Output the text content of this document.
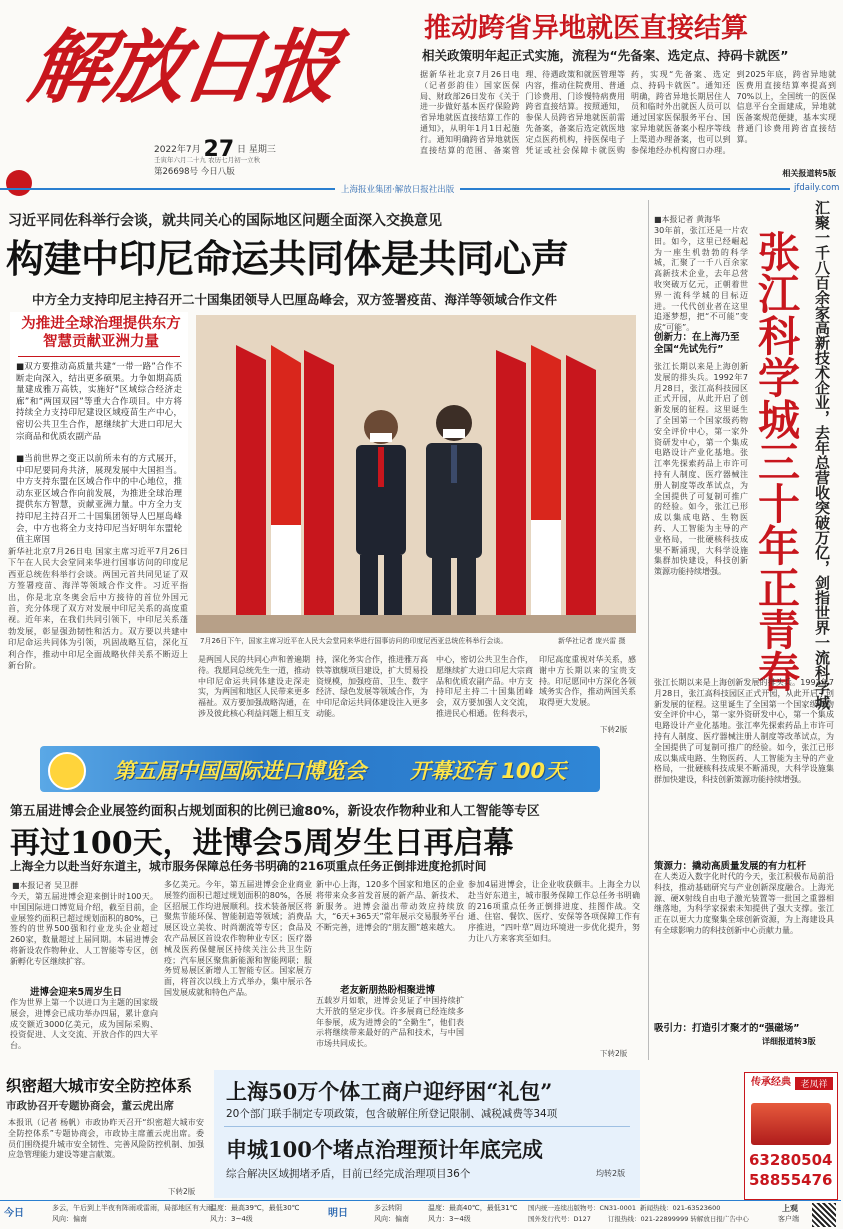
解放日报
2022年7月 27 日 星期三
壬寅年六月二十九 农历七月初一立秋
第26698号 今日八版
推动跨省异地就医直接结算
相关政策明年起正式实施，流程为“先备案、选定点、持码卡就医”
据新华社北京7月26日电（记者彭韵佳）国家医保局、财政部26日发布《关于进一步做好基本医疗保险跨省异地就医直接结算工作的通知》，从明年1月1日起施行。通知明确跨省异地就医直接结算的范围、备案管理、待遇政策和就医管理等内容，推动住院费用、普通门诊费用、门诊慢特病费用跨省直接结算。按照通知，参保人员跨省异地就医前需先备案，备案后选定就医地定点医药机构，持医保电子凭证或社会保障卡就医购药，实现“先备案、选定点、持码卡就医”。通知还明确，跨省异地长期居住人员和临时外出就医人员可以通过国家医保服务平台、国家异地就医备案小程序等线上渠道办理备案，也可以到参保地经办机构窗口办理。到2025年底，跨省异地就医费用直接结算率提高到70%以上，全国统一的医保信息平台全面建成，异地就医备案规范便捷，基本实现普通门诊费用跨省直接结算。
相关报道转5版
上海报业集团·解放日报社出版	jfdaily.com
习近平同佐科举行会谈，就共同关心的国际地区问题全面深入交换意见
构建中印尼命运共同体是共同心声
中方全力支持印尼主持召开二十国集团领导人巴厘岛峰会，双方签署疫苗、海洋等领域合作文件
为推进全球治理提供东方智慧贡献亚洲力量
■双方要推动高质量共建“一带一路”合作不断走向深入，结出更多硕果。力争如期高质量建成雅万高铁，实施好“区域综合经济走廊”和“两国双园”等重大合作项目。中方将持续全力支持印尼建设区域疫苗生产中心，密切公共卫生合作，愿继续扩大进口印尼大宗商品和优质农副产品
■当前世界之变正以前所未有的方式展开，中印尼要同舟共济，展现发展中大国担当。中方支持东盟在区域合作中的中心地位，推动东亚区域合作向前发展，为推进全球治理提供东方智慧，贡献亚洲力量。中方全力支持印尼主持召开二十国集团领导人巴厘岛峰会，中方也将全力支持印尼当好明年东盟轮值主席国
7月26日下午，国家主席习近平在人民大会堂同来华进行国事访问的印度尼西亚总统佐科举行会谈。	新华社记者 庞兴雷 摄
新华社北京7月26日电 国家主席习近平7月26日下午在人民大会堂同来华进行国事访问的印度尼西亚总统佐科举行会谈。两国元首共同见证了双方签署疫苗、海洋等领域合作文件。习近平指出，你是北京冬奥会后中方接待的首位外国元首，充分体现了双方对发展中印尼关系的高度重视。近年来，在我们共同引领下，中印尼关系蓬勃发展，彰显强劲韧性和活力。双方要以共建中印尼命运共同体为引领，巩固战略互信，深化互利合作，推动中印尼全面战略伙伴关系不断迈上新台阶。
是两国人民的共同心声和普遍期待。我愿同总统先生一道，推动中印尼命运共同体建设走深走实，为两国和地区人民带来更多福祉。双方要加强战略沟通，在涉及彼此核心利益问题上相互支持，深化务实合作，推进雅万高铁等旗舰项目建设，扩大贸易投资规模，加强疫苗、卫生、数字经济、绿色发展等领域合作，为中印尼命运共同体建设注入更多动能。
中心，密切公共卫生合作，愿继续扩大进口印尼大宗商品和优质农副产品。中方支持印尼主持二十国集团峰会，双方要加强人文交流，推进民心相通。佐科表示，印尼高度重视对华关系，感谢中方长期以来的宝贵支持。印尼愿同中方深化各领域务实合作，推动两国关系取得更大发展。
下转2版
汇聚一千八百余家高新技术企业，去年总营收突破万亿，剑指世界一流科学城
张江科学城三十年正青春
■本报记者 黄海华
30年前，张江还是一片农田。如今，这里已经崛起为一座生机勃勃的科学城，汇聚了一千八百余家高新技术企业，去年总营收突破万亿元，正朝着世界一流科学城的目标迈进。一代代创业者在这里追逐梦想，把“不可能”变成“可能”。
创新力：在上海乃至全国“先试先行”
张江长期以来是上海创新发展的排头兵。1992年7月28日，张江高科技园区正式开园，从此开启了创新发展的征程。这里诞生了全国第一个国家级药物安全评价中心，第一家外资研发中心，第一个集成电路设计产业化基地。张江率先探索药品上市许可持有人制度、医疗器械注册人制度等改革试点，为全国提供了可复制可推广的经验。如今，张江已形成以集成电路、生物医药、人工智能为主导的产业格局，一批硬核科技成果不断涌现，大科学设施集群加快建设，科技创新策源功能持续增强。
张江长期以来是上海创新发展的排头兵。1992年7月28日，张江高科技园区正式开园，从此开启了创新发展的征程。这里诞生了全国第一个国家级药物安全评价中心，第一家外资研发中心，第一个集成电路设计产业化基地。张江率先探索药品上市许可持有人制度、医疗器械注册人制度等改革试点，为全国提供了可复制可推广的经验。如今，张江已形成以集成电路、生物医药、人工智能为主导的产业格局，一批硬核科技成果不断涌现，大科学设施集群加快建设，科技创新策源功能持续增强。
策源力：撬动高质量发展的有力杠杆
在人类迈入数字化时代的今天，张江积极布局前沿科技，推动基础研究与产业创新深度融合。上海光源、硬X射线自由电子激光装置等一批国之重器相继落地，为科学家探索未知提供了强大支撑。张江正在以更大力度聚集全球创新资源，为上海建设具有全球影响力的科技创新中心贡献力量。
吸引力：打造引才聚才的“强磁场”
详细报道转3版
第五届中国国际进口博览会 开幕还有 100天
第五届进博会企业展签约面积占规划面积的比例已逾80%，新设农作物种业和人工智能等专区
再过100天，进博会5周岁生日再启幕
上海全力以赴当好东道主，城市服务保障总任务书明确的216项重点任务正倒排进度抢抓时间
■本报记者 吴卫群
今天，第五届进博会迎来倒计时100天。中国国际进口博览局介绍，截至目前，企业展签约面积已超过规划面积的80%，已签约的世界500强和行业龙头企业超过260家，数量超过上届同期。本届进博会将新设农作物种业、人工智能等专区，创新孵化专区继续扩容。
进博会迎来5周岁生日
作为世界上第一个以进口为主题的国家级展会，进博会已成功举办四届，累计意向成交额近3000亿美元，成为国际采购、投资促进、人文交流、开放合作的四大平台。
多亿美元。今年，第五届进博会企业商业展签约面积已超过规划面积的80%，各展区招展工作均进展顺利。技术装备展区将聚焦节能环保、智能制造等领域；消费品展区设立美妆、时尚潮流等专区；食品及农产品展区首设农作物种业专区；医疗器械及医药保健展区持续关注公共卫生防疫；汽车展区聚焦新能源和智能网联；服务贸易展区新增人工智能专区。国家展方面，将首次以线上方式举办，集中展示各国发展成就和特色产品。
新中心上海，120多个国家和地区的企业将带来众多首发首展的新产品、新技术、新服务。进博会溢出带动效应持续放大，“6天+365天”常年展示交易服务平台不断完善，进博会的“朋友圈”越来越大。
老友新朋热盼相聚进博
五载岁月如歌，进博会见证了中国持续扩大开放的坚定步伐。许多展商已经连续多年参展，成为进博会的“全勤生”，他们表示将继续带来最好的产品和技术，与中国市场共同成长。
参加4届进博会，让企业收获颇丰。上海全力以赴当好东道主，城市服务保障工作总任务书明确的216项重点任务正倒排进度、挂图作战。交通、住宿、餐饮、医疗、安保等各项保障工作有序推进，“四叶草”周边环境进一步优化提升，努力让八方来客宾至如归。
下转2版
织密超大城市安全防控体系
市政协召开专题协商会，董云虎出席
本报讯（记者 杨帆）市政协昨天召开“织密超大城市安全防控体系”专题协商会，市政协主席董云虎出席。委员们围绕提升城市安全韧性、完善风险防控机制、加强应急管理能力建设等建言献策。
下转2版
上海50万个体工商户迎纾困“礼包”
20个部门联手制定专项政策，包含破解住所登记限制、减税减费等34项
申城100个堵点治理预计年底完成
综合解决区域拥堵矛盾，目前已经完成治理项目36个	均转2版
传承经典	老凤祥
63280504
58855476
今日	多云，午后到上半夜有阵雨或雷雨，局部地区有大雨
风向：偏南
温度：最高39℃，最低30℃
风力：3~4级	明日	多云转阴
风向：偏南
温度：最高40℃，最低31℃
风力：3~4级
国内统一连续出版物号：CN31-0001
国外发行代号：D127
新闻热线：021-63523600
订报热线：021-22899999 转解放日报广告中心
上观
客户端
